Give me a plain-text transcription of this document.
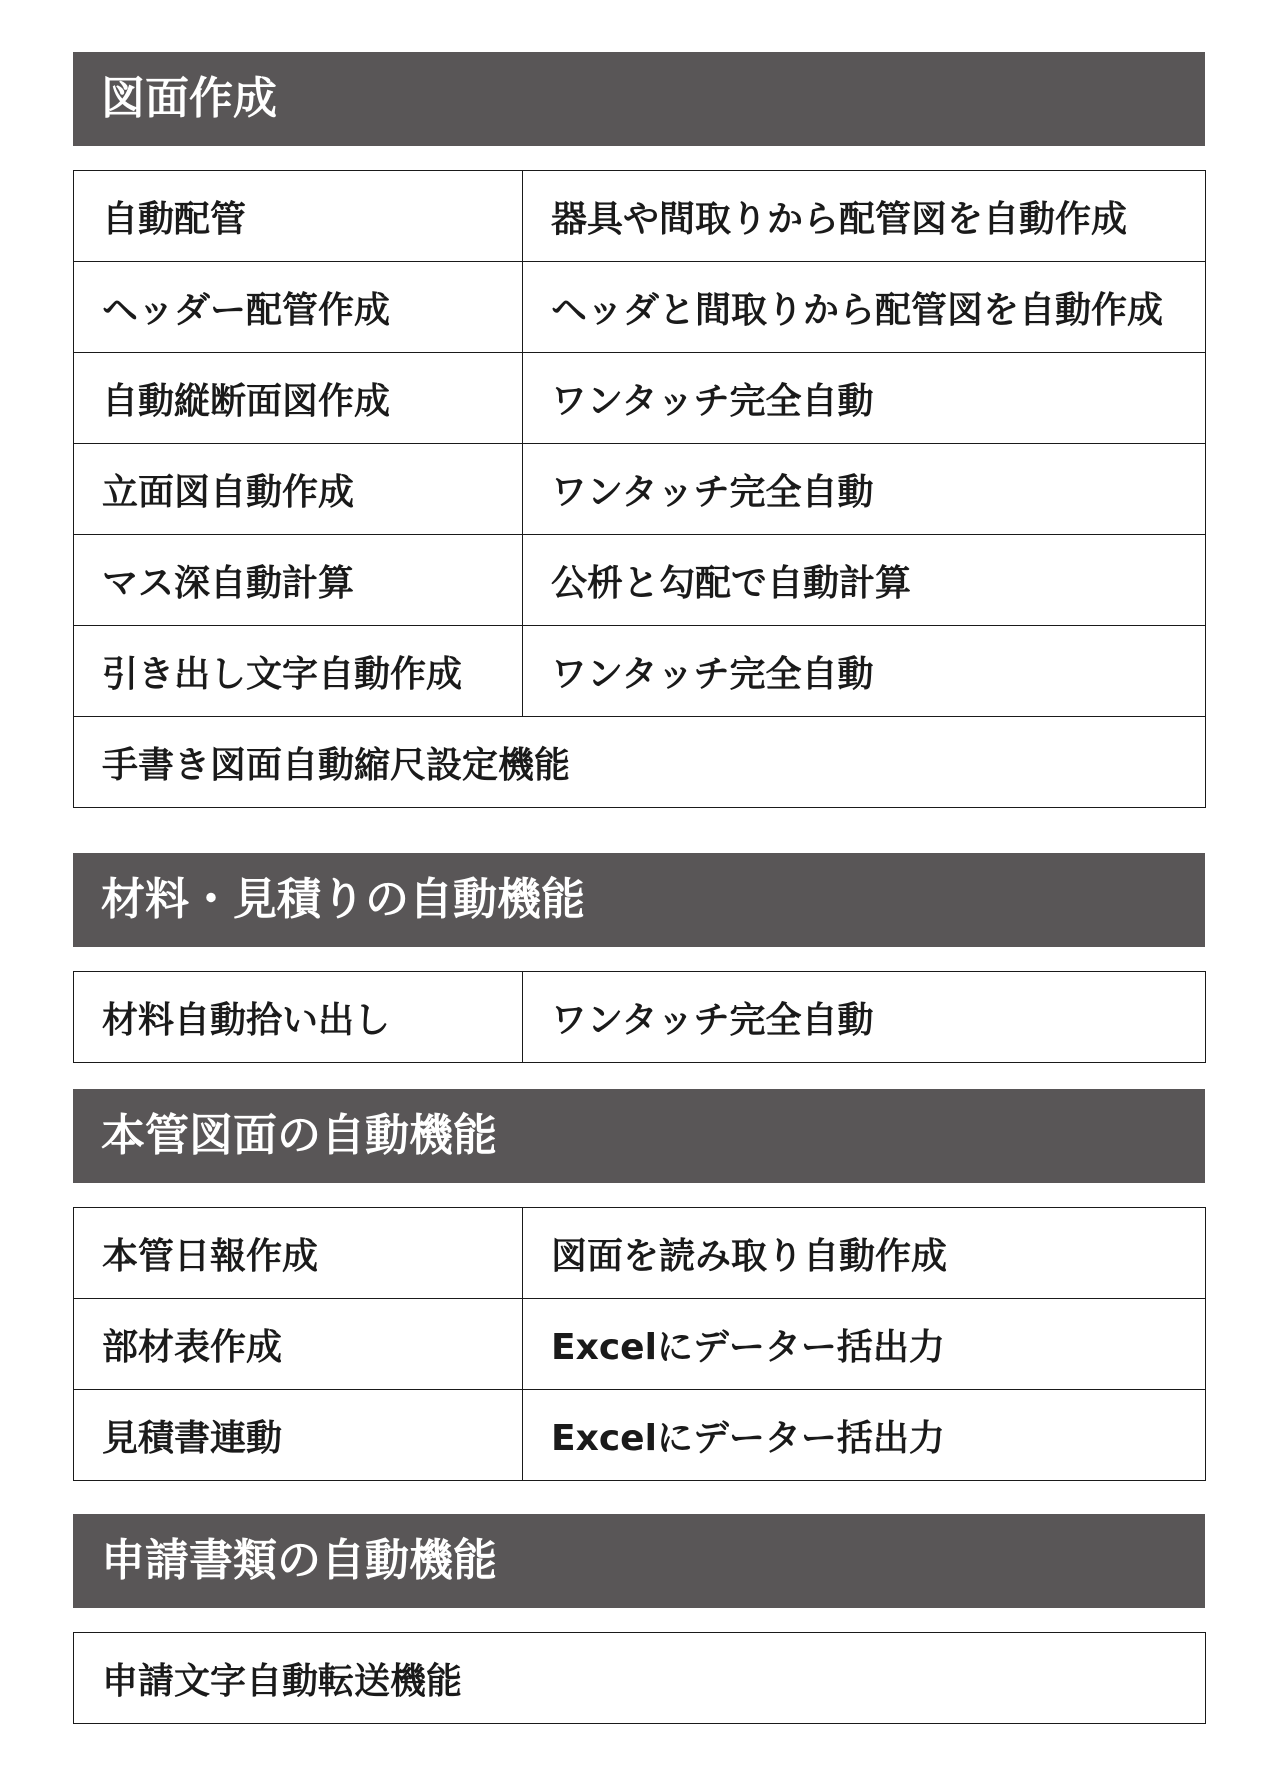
図面作成
自動配管	器具や間取りから配管図を自動作成
ヘッダー配管作成	ヘッダと間取りから配管図を自動作成
自動縦断面図作成	ワンタッチ完全自動
立面図自動作成	ワンタッチ完全自動
マス深自動計算	公枡と勾配で自動計算
引き出し文字自動作成	ワンタッチ完全自動
手書き図面自動縮尺設定機能	
材料・見積りの自動機能
材料自動拾い出し	ワンタッチ完全自動
本管図面の自動機能
本管日報作成	図面を読み取り自動作成
部材表作成	Excelにデーター括出力
見積書連動	Excelにデーター括出力
申請書類の自動機能
申請文字自動転送機能
